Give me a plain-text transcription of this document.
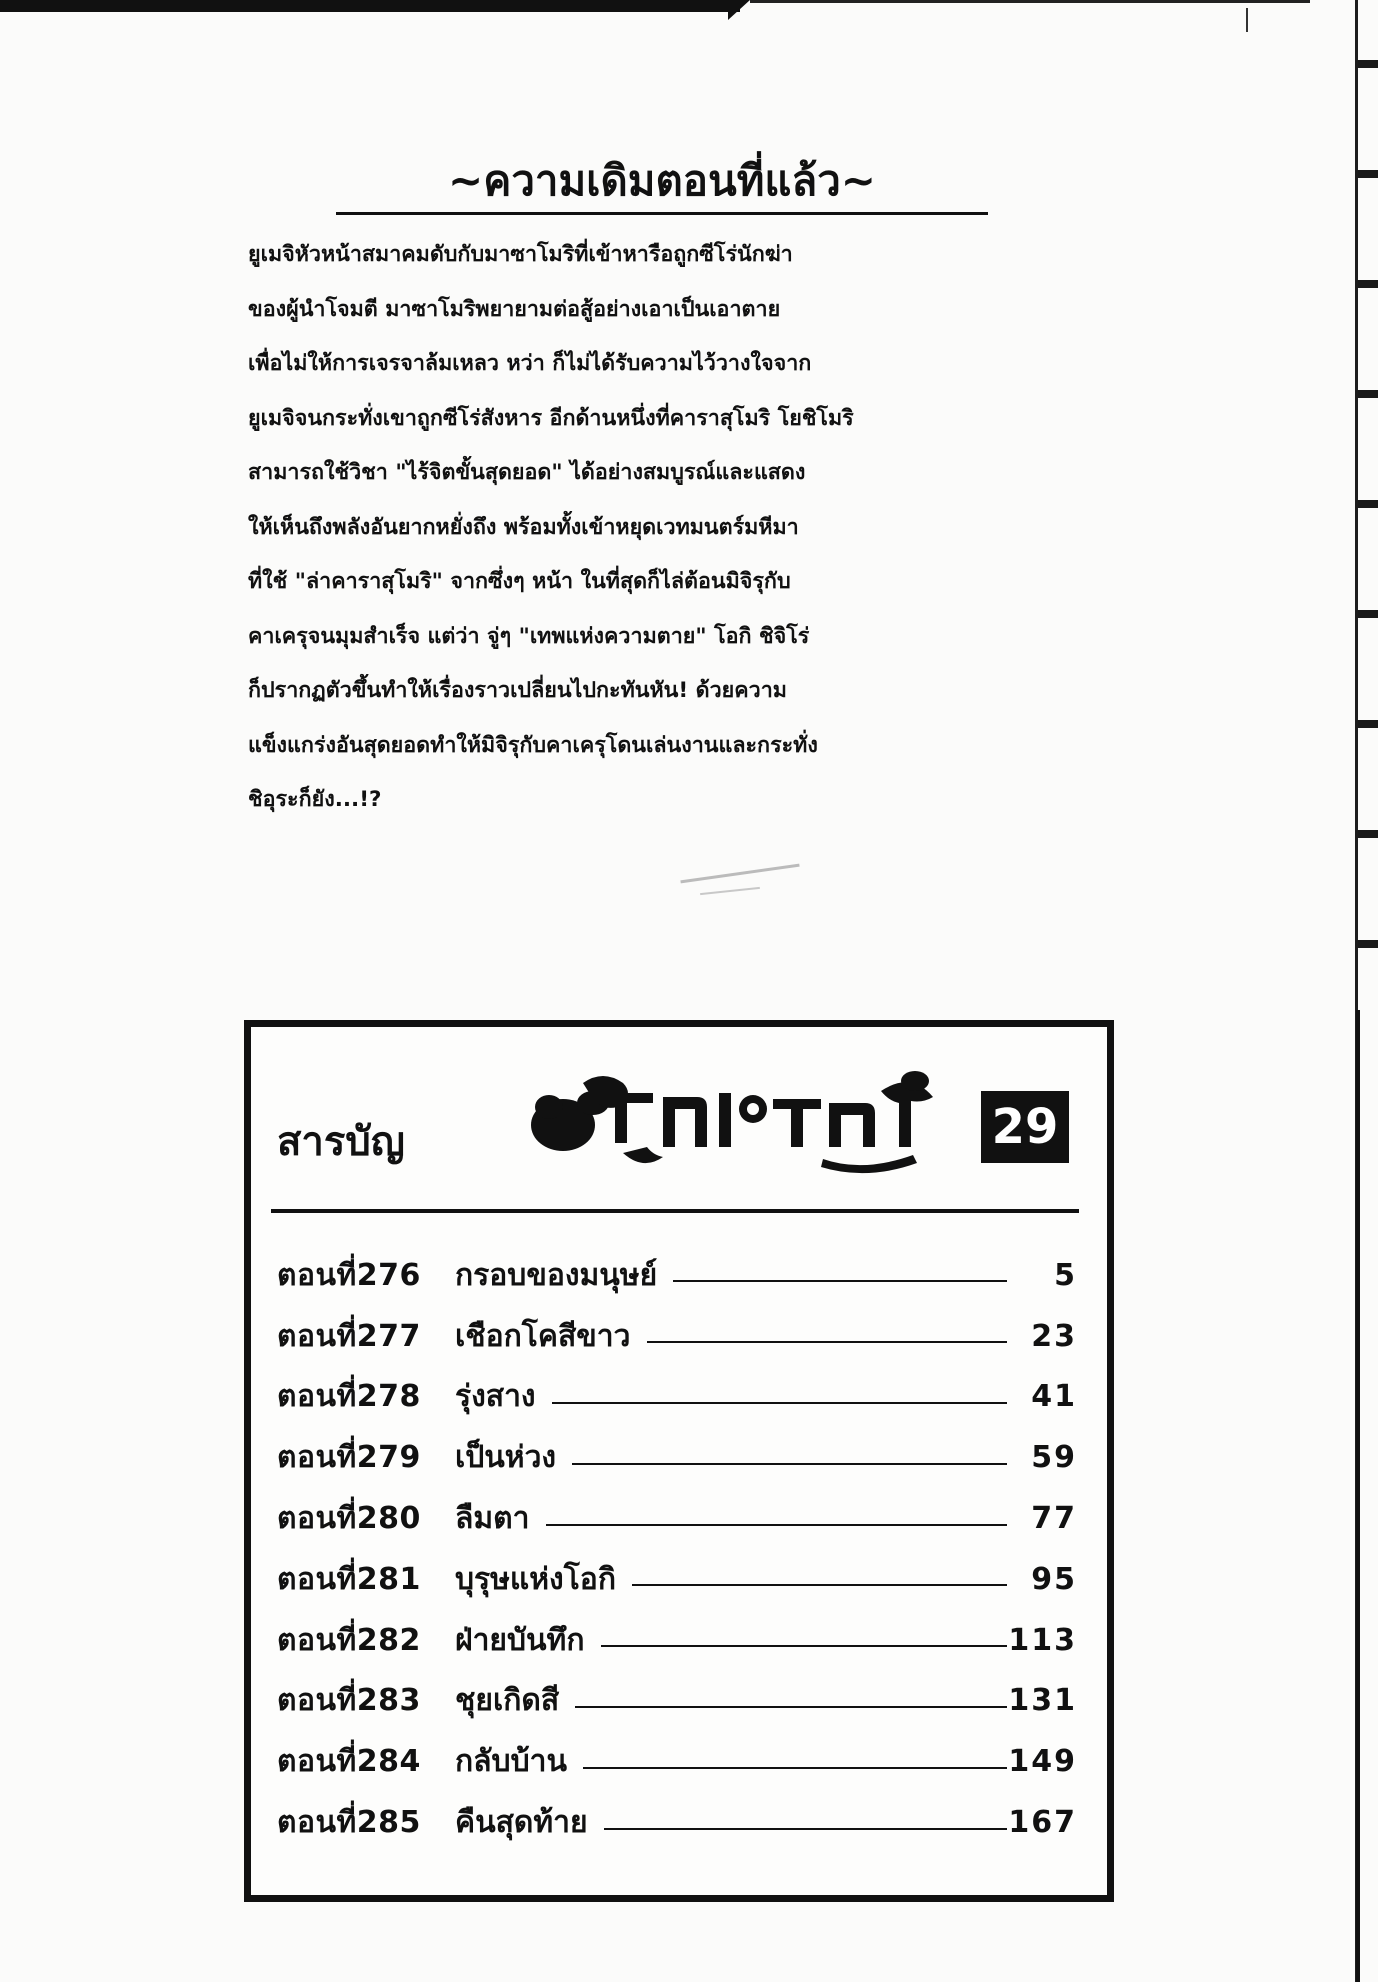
~ความเดิมตอนที่แล้ว~

ยูเมจิหัวหน้าสมาคมดับกับมาซาโมริที่เข้าหารือถูกซีโร่นักฆ่า

ของผู้นำโจมตี มาซาโมริพยายามต่อสู้อย่างเอาเป็นเอาตาย

เพื่อไม่ให้การเจรจาล้มเหลว หว่า ก็ไม่ได้รับความไว้วางใจจาก

ยูเมจิจนกระทั่งเขาถูกซีโร่สังหาร อีกด้านหนึ่งที่คาราสุโมริ โยชิโมริ

สามารถใช้วิชา "ไร้จิตขั้นสุดยอด" ได้อย่างสมบูรณ์และแสดง

ให้เห็นถึงพลังอันยากหยั่งถึง พร้อมทั้งเข้าหยุดเวทมนตร์มหีมา

ที่ใช้ "ล่าคาราสุโมริ" จากซึ่งๆ หน้า ในที่สุดก็ไล่ต้อนมิจิรุกับ

คาเครุจนมุมสำเร็จ แต่ว่า จู่ๆ "เทพแห่งความตาย" โอกิ ชิจิโร่

ก็ปรากฏตัวขึ้นทำให้เรื่องราวเปลี่ยนไปกะทันหัน! ด้วยความ

แข็งแกร่งอันสุดยอดทำให้มิจิรุกับคาเครุโดนเล่นงานและกระทั่ง

ชิอุระก็ยัง...!?

สารบัญ	29
ตอนที่276	กรอบของมนุษย์	5
ตอนที่277	เชือกโคสีขาว	23
ตอนที่278	รุ่งสาง	41
ตอนที่279	เป็นห่วง	59
ตอนที่280	ลืมตา	77
ตอนที่281	บุรุษแห่งโอกิ	95
ตอนที่282	ฝ่ายบันทึก	113
ตอนที่283	ชุยเกิดสี	131
ตอนที่284	กลับบ้าน	149
ตอนที่285	คืนสุดท้าย	167
